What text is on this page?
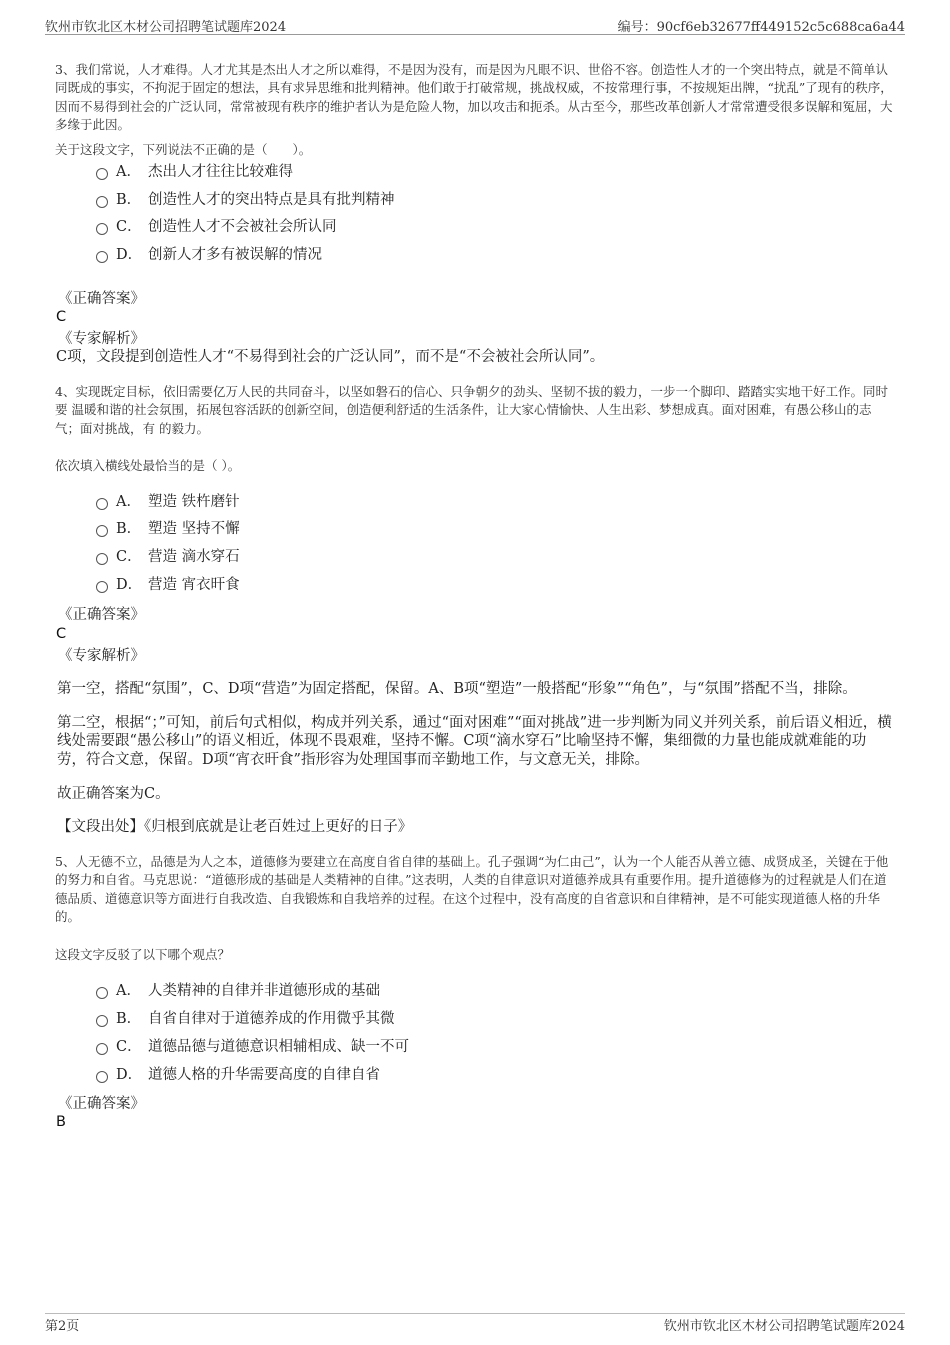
钦州市钦北区木材公司招聘笔试题库2024	编号：90cf6eb32677ff449152c5c688ca6a44
3、我们常说，人才难得。人才尤其是杰出人才之所以难得，不是因为没有，而是因为凡眼不识、世俗不容。创造性人才的一个突出特点，就是不简单认同既成的事实，不拘泥于固定的想法，具有求异思维和批判精神。他们敢于打破常规，挑战权威，不按常理行事，不按规矩出牌，“扰乱”了现有的秩序，因而不易得到社会的广泛认同，常常被现有秩序的维护者认为是危险人物，加以攻击和扼杀。从古至今，那些改革创新人才常常遭受很多误解和冤屈，大多缘于此因。
关于这段文字，下列说法不正确的是（　　）。
A． 杰出人才往往比较难得
B． 创造性人才的突出特点是具有批判精神
C． 创造性人才不会被社会所认同
D． 创新人才多有被误解的情况
《正确答案》
C
《专家解析》
C项，文段提到创造性人才“不易得到社会的广泛认同”，而不是“不会被社会所认同”。
4、实现既定目标，依旧需要亿万人民的共同奋斗，以坚如磐石的信心、只争朝夕的劲头、坚韧不拔的毅力，一步一个脚印、踏踏实实地干好工作。同时要 温暖和谐的社会氛围，拓展包容活跃的创新空间，创造便利舒适的生活条件，让大家心情愉快、人生出彩、梦想成真。面对困难，有愚公移山的志气；面对挑战，有 的毅力。
依次填入横线处最恰当的是（ ）。
A． 塑造 铁杵磨针
B． 塑造 坚持不懈
C． 营造 滴水穿石
D． 营造 宵衣旰食
《正确答案》
C
《专家解析》
第一空，搭配“氛围”，C、D项“营造”为固定搭配，保留。A、B项“塑造”一般搭配“形象”“角色”，与“氛围”搭配不当，排除。
第二空，根据“；”可知，前后句式相似，构成并列关系，通过“面对困难”“面对挑战”进一步判断为同义并列关系，前后语义相近，横线处需要跟“愚公移山”的语义相近，体现不畏艰难，坚持不懈。C项“滴水穿石”比喻坚持不懈，集细微的力量也能成就难能的功劳，符合文意，保留。D项“宵衣旰食”指形容为处理国事而辛勤地工作，与文意无关，排除。
故正确答案为C。
【文段出处】《归根到底就是让老百姓过上更好的日子》
5、人无德不立，品德是为人之本，道德修为要建立在高度自省自律的基础上。孔子强调“为仁由己”，认为一个人能否从善立德、成贤成圣，关键在于他的努力和自省。马克思说：“道德形成的基础是人类精神的自律。”这表明，人类的自律意识对道德养成具有重要作用。提升道德修为的过程就是人们在道德品质、道德意识等方面进行自我改造、自我锻炼和自我培养的过程。在这个过程中，没有高度的自省意识和自律精神，是不可能实现道德人格的升华的。
这段文字反驳了以下哪个观点？
A． 人类精神的自律并非道德形成的基础
B． 自省自律对于道德养成的作用微乎其微
C． 道德品德与道德意识相辅相成、缺一不可
D． 道德人格的升华需要高度的自律自省
《正确答案》
B
第2页	钦州市钦北区木材公司招聘笔试题库2024
